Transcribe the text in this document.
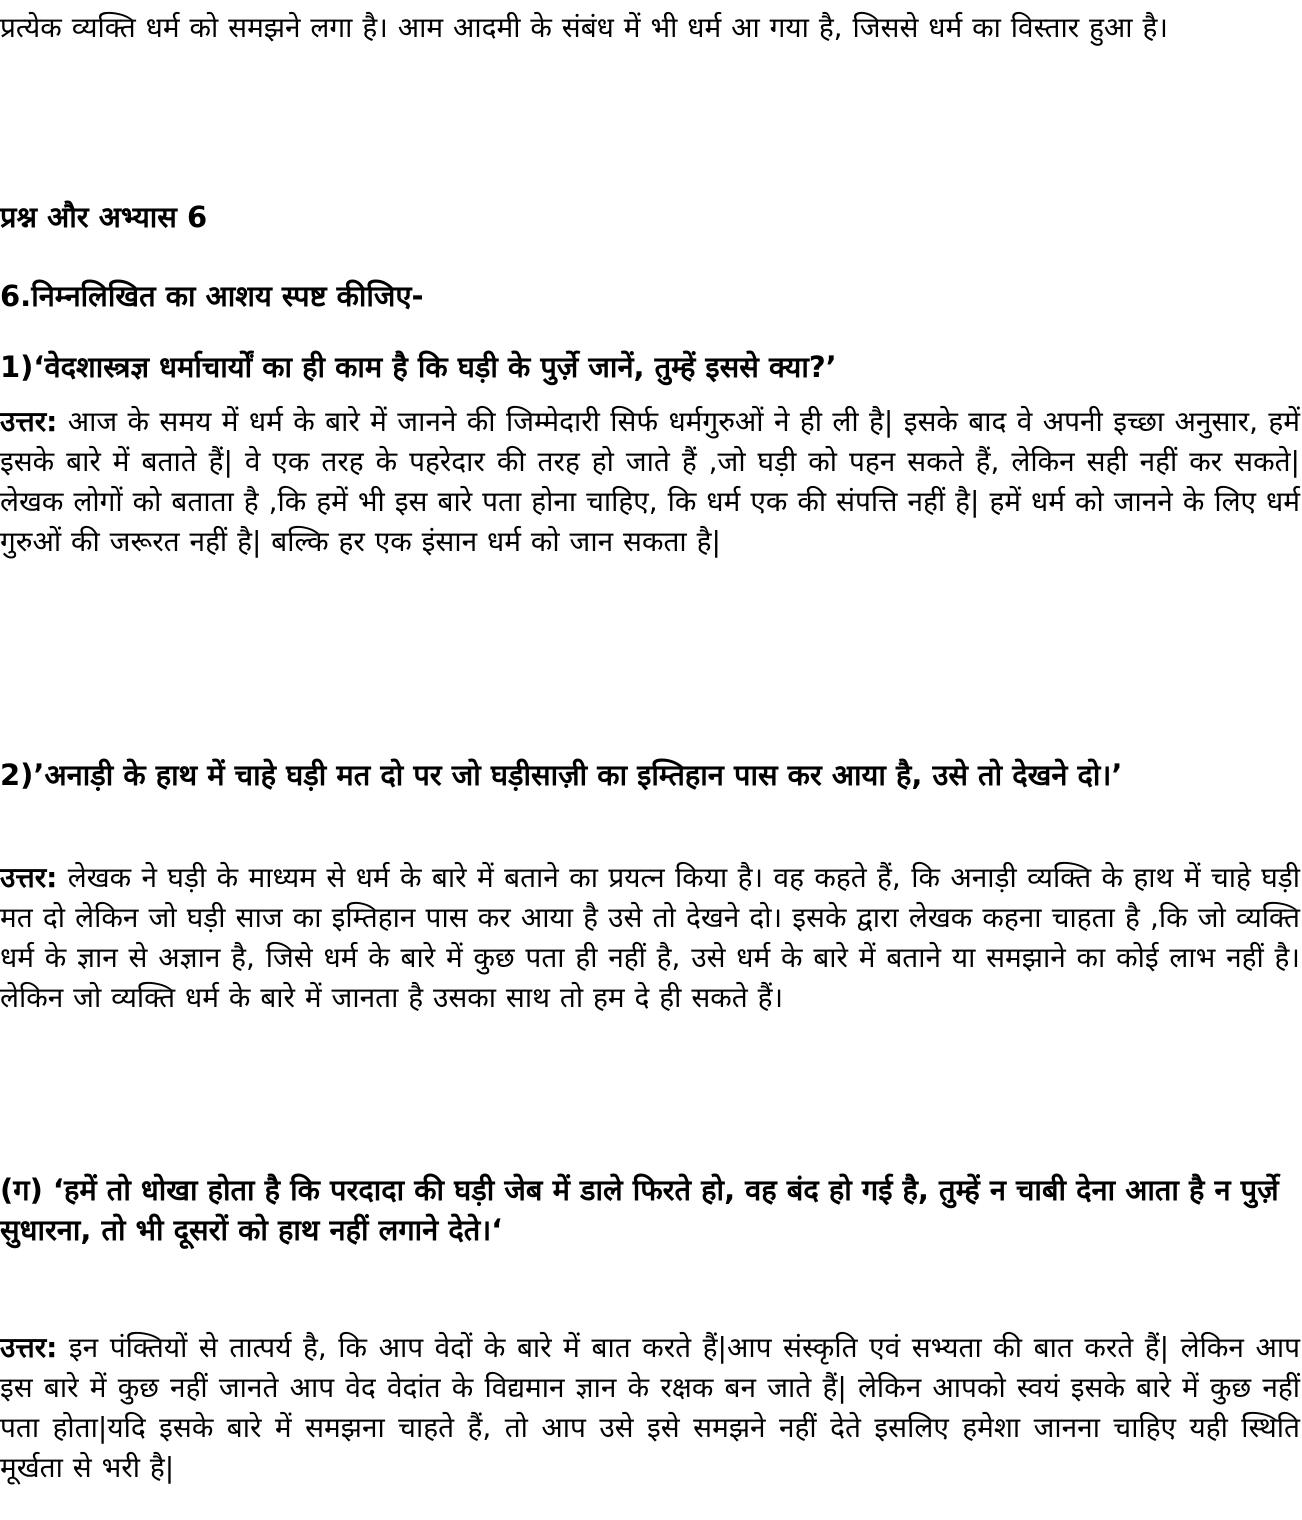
प्रत्येक व्यक्ति धर्म को समझने लगा है। आम आदमी के संबंध में भी धर्म आ गया है, जिससे धर्म का विस्तार हुआ है।
प्रश्न और अभ्यास 6
6.निम्नलिखित का आशय स्पष्ट कीजिए-
1)‘वेदशास्त्रज्ञ धर्माचार्यों का ही काम है कि घड़ी के पुर्ज़े जानें, तुम्हें इससे क्या?’
उत्तर: आज के समय में धर्म के बारे में जानने की जिम्मेदारी सिर्फ धर्मगुरुओं ने ही ली है| इसके बाद वे अपनी इच्छा अनुसार, हमें इसके बारे में बताते हैं| वे एक तरह के पहरेदार की तरह हो जाते हैं ,जो घड़ी को पहन सकते हैं, लेकिन सही नहीं कर सकते| लेखक लोगों को बताता है ,कि हमें भी इस बारे पता होना चाहिए, कि धर्म एक की संपत्ति नहीं है| हमें धर्म को जानने के लिए धर्म गुरुओं की जरूरत नहीं है| बल्कि हर एक इंसान धर्म को जान सकता है|
2)’अनाड़ी के हाथ में चाहे घड़ी मत दो पर जो घड़ीसाज़ी का इम्तिहान पास कर आया है, उसे तो देखने दो।’
उत्तर: लेखक ने घड़ी के माध्यम से धर्म के बारे में बताने का प्रयत्न किया है। वह कहते हैं, कि अनाड़ी व्यक्ति के हाथ में चाहे घड़ी मत दो लेकिन जो घड़ी साज का इम्तिहान पास कर आया है उसे तो देखने दो। इसके द्वारा लेखक कहना चाहता है ,कि जो व्यक्ति धर्म के ज्ञान से अज्ञान है, जिसे धर्म के बारे में कुछ पता ही नहीं है, उसे धर्म के बारे में बताने या समझाने का कोई लाभ नहीं है। लेकिन जो व्यक्ति धर्म के बारे में जानता है उसका साथ तो हम दे ही सकते हैं।
(ग) ‘हमें तो धोखा होता है कि परदादा की घड़ी जेब में डाले फिरते हो, वह बंद हो गई है, तुम्हें न चाबी देना आता है न पुर्ज़े सुधारना, तो भी दूसरों को हाथ नहीं लगाने देते।‘
उत्तर: इन पंक्तियों से तात्पर्य है, कि आप वेदों के बारे में बात करते हैं|आप संस्कृति एवं सभ्यता की बात करते हैं| लेकिन आप इस बारे में कुछ नहीं जानते आप वेद वेदांत के विद्यमान ज्ञान के रक्षक बन जाते हैं| लेकिन आपको स्वयं इसके बारे में कुछ नहीं पता होता|यदि इसके बारे में समझना चाहते हैं, तो आप उसे इसे समझने नहीं देते इसलिए हमेशा जानना चाहिए यही स्थिति मूर्खता से भरी है|
